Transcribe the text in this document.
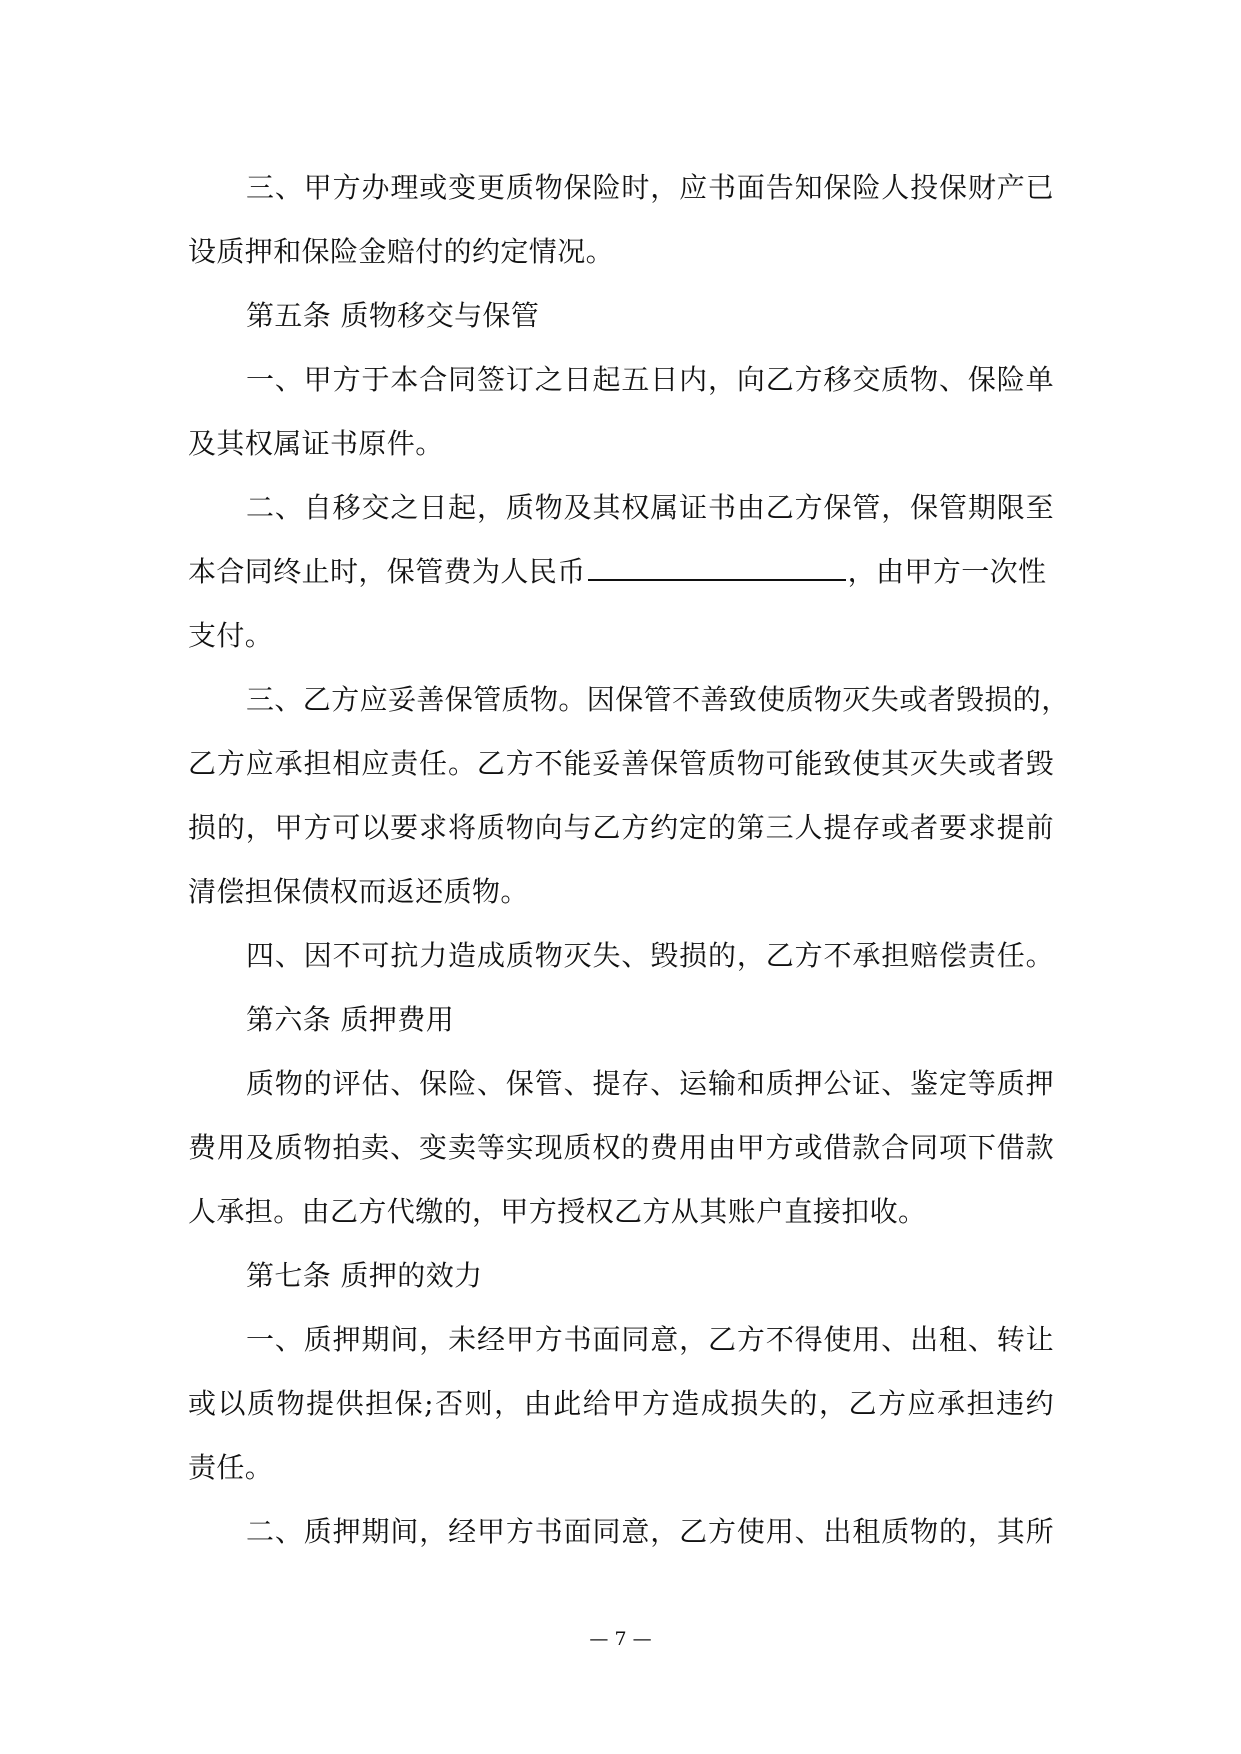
三、甲方办理或变更质物保险时，应书面告知保险人投保财产已
设质押和保险金赔付的约定情况。
第五条 质物移交与保管
一、甲方于本合同签订之日起五日内，向乙方移交质物、保险单
及其权属证书原件。
二、自移交之日起，质物及其权属证书由乙方保管，保管期限至
本合同终止时，保管费为人民币	，由甲方一次性
支付。
三、乙方应妥善保管质物。因保管不善致使质物灭失或者毁损的，
乙方应承担相应责任。乙方不能妥善保管质物可能致使其灭失或者毁
损的，甲方可以要求将质物向与乙方约定的第三人提存或者要求提前
清偿担保债权而返还质物。
四、因不可抗力造成质物灭失、毁损的，乙方不承担赔偿责任。
第六条 质押费用
质物的评估、保险、保管、提存、运输和质押公证、鉴定等质押
费用及质物拍卖、变卖等实现质权的费用由甲方或借款合同项下借款
人承担。由乙方代缴的，甲方授权乙方从其账户直接扣收。
第七条 质押的效力
一、质押期间，未经甲方书面同意，乙方不得使用、出租、转让
或以质物提供担保;否则，由此给甲方造成损失的，乙方应承担违约
责任。
二、质押期间，经甲方书面同意，乙方使用、出租质物的，其所
— 7 —
